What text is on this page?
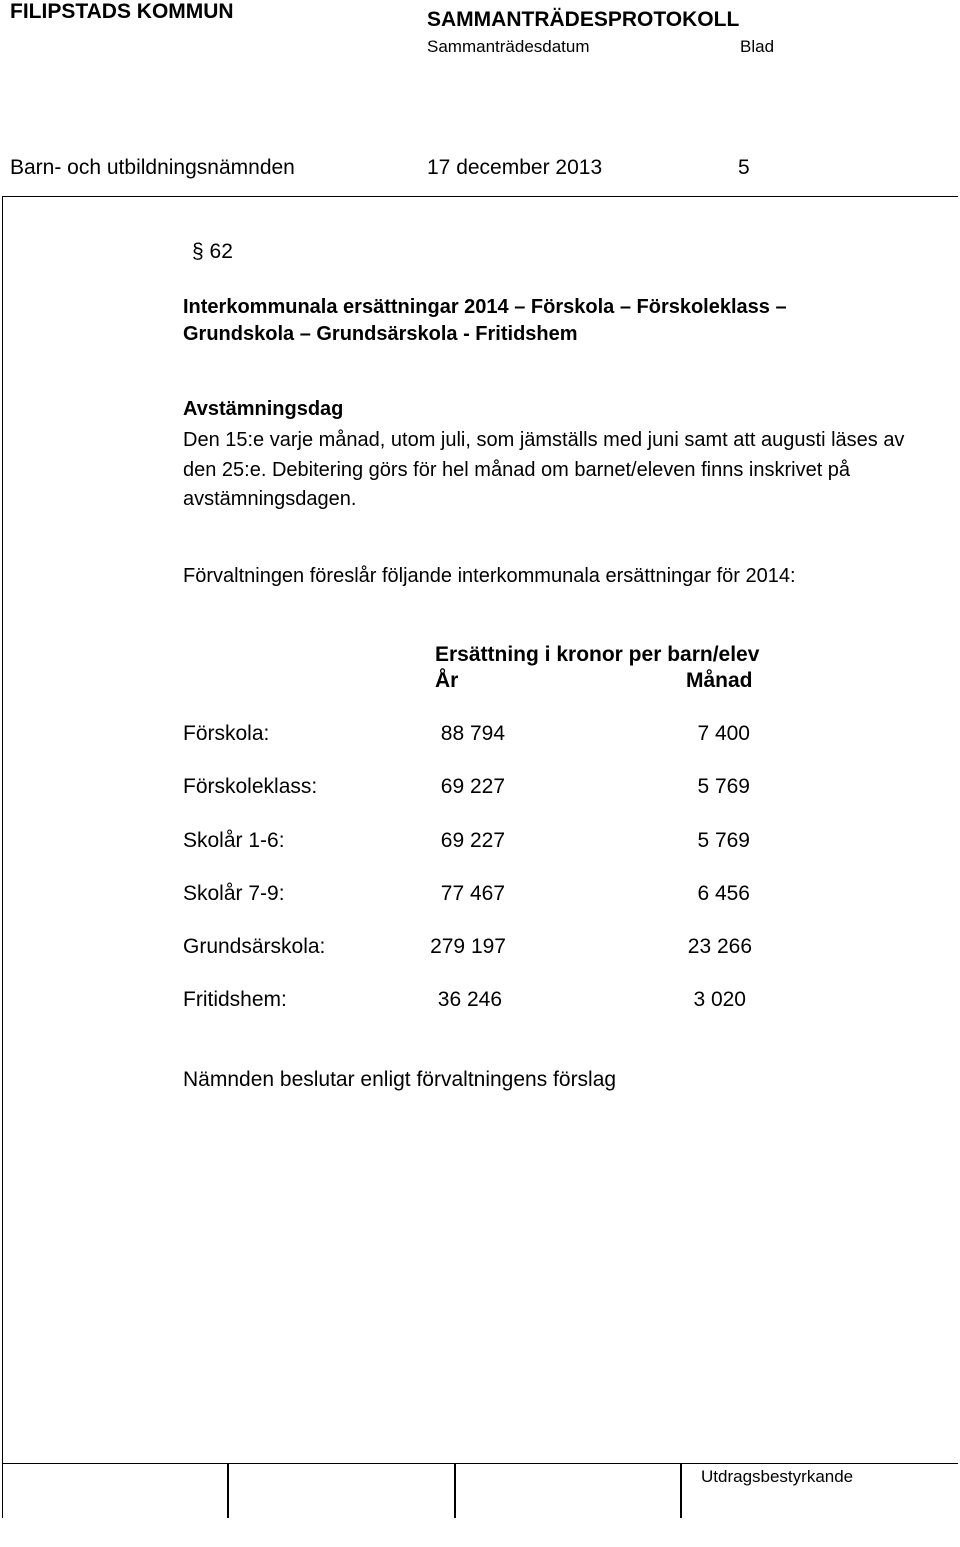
FILIPSTADS KOMMUN	SAMMANTRÄDESPROTOKOLL
Sammanträdesdatum	Blad
Barn- och utbildningsnämnden	17 december 2013	5
§ 62
Interkommunala ersättningar 2014 – Förskola – Förskoleklass –
Grundskola – Grundsärskola - Fritidshem
Avstämningsdag
Den 15:e varje månad, utom juli, som jämställs med juni samt att augusti läses av den 25:e. Debitering görs för hel månad om barnet/eleven finns inskrivet på avstämningsdagen.
Förvaltningen föreslår följande interkommunala ersättningar för 2014:
Ersättning i kronor per barn/elev
År	Månad
Förskola:	88 794	7 400
Förskoleklass:	69 227	5 769
Skolår 1-6:	69 227	5 769
Skolår 7-9:	77 467	6 456
Grundsärskola:	279 197	23 266
Fritidshem:	36 246	3 020
Nämnden beslutar enligt förvaltningens förslag
Utdragsbestyrkande
